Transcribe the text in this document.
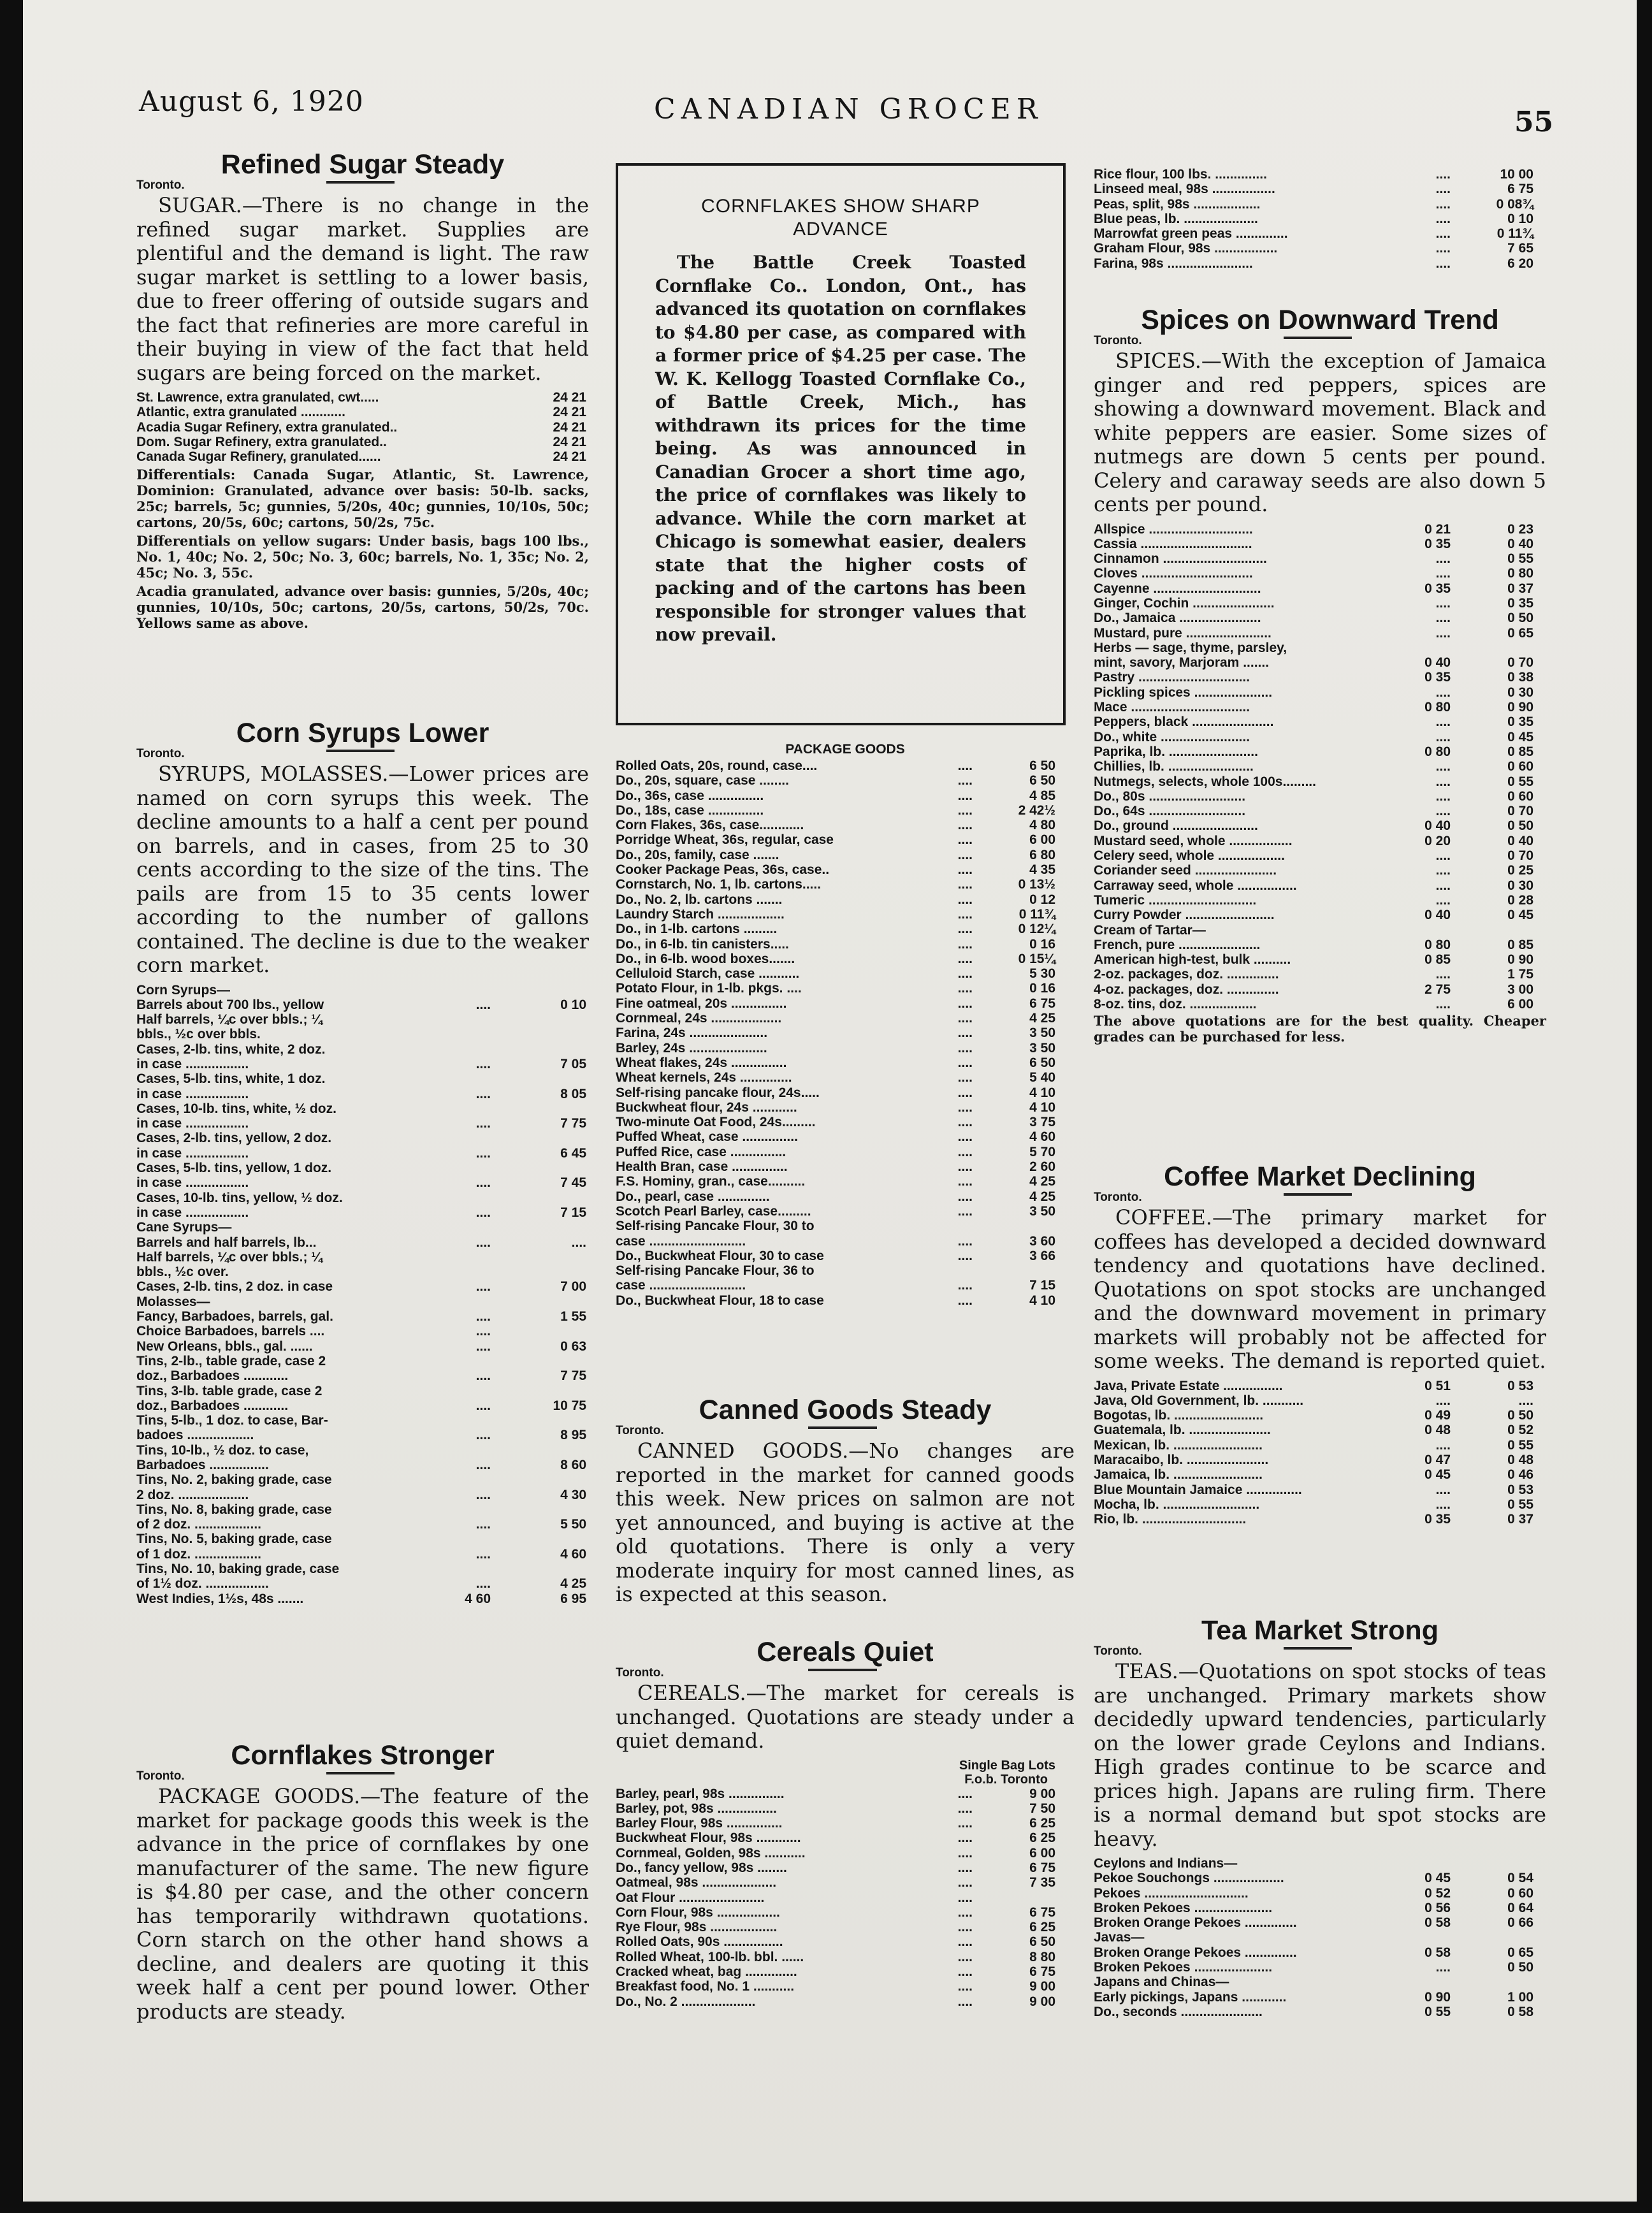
August 6, 1920	CANADIAN GROCER	55
Refined Sugar Steady
Toronto.

SUGAR.—There is no change in the refined sugar market. Supplies are plentiful and the demand is light. The raw sugar market is settling to a lower basis, due to freer offering of outside sugars and the fact that refineries are more careful in their buying in view of the fact that held sugars are being forced on the market.

St. Lawrence, extra granulated, cwt.....	24 21
Atlantic, extra granulated ............	24 21
Acadia Sugar Refinery, extra granulated..	24 21
Dom. Sugar Refinery, extra granulated..	24 21
Canada Sugar Refinery, granulated......	24 21

Differentials: Canada Sugar, Atlantic, St. Lawrence, Dominion: Granulated, advance over basis: 50-lb. sacks, 25c; barrels, 5c; gunnies, 5/20s, 40c; gunnies, 10/10s, 50c; cartons, 20/5s, 60c; cartons, 50/2s, 75c.

Differentials on yellow sugars: Under basis, bags 100 lbs., No. 1, 40c; No. 2, 50c; No. 3, 60c; barrels, No. 1, 35c; No. 2, 45c; No. 3, 55c.

Acadia granulated, advance over basis: gunnies, 5/20s, 40c; gunnies, 10/10s, 50c; cartons, 20/5s, cartons, 50/2s, 70c. Yellows same as above.

Corn Syrups Lower
Toronto.

SYRUPS, MOLASSES.—Lower prices are named on corn syrups this week. The decline amounts to a half a cent per pound on barrels, and in cases, from 25 to 30 cents according to the size of the tins. The pails are from 15 to 35 cents lower according to the number of gallons contained. The decline is due to the weaker corn market.

Corn Syrups—
Barrels about 700 lbs., yellow	....	0 10
Half barrels, ¼c over bbls.; ¼
bbls., ½c over bbls.
Cases, 2-lb. tins, white, 2 doz.
in case .................	....	7 05
Cases, 5-lb. tins, white, 1 doz.
in case .................	....	8 05
Cases, 10-lb. tins, white, ½ doz.
in case .................	....	7 75
Cases, 2-lb. tins, yellow, 2 doz.
in case .................	....	6 45
Cases, 5-lb. tins, yellow, 1 doz.
in case .................	....	7 45
Cases, 10-lb. tins, yellow, ½ doz.
in case .................	....	7 15
Cane Syrups—
Barrels and half barrels, lb...	....	....
Half barrels, ¼c over bbls.; ¼
bbls., ½c over.
Cases, 2-lb. tins, 2 doz. in case	....	7 00
Molasses—
Fancy, Barbadoes, barrels, gal.	....	1 55
Choice Barbadoes, barrels ....	....
New Orleans, bbls., gal. ......	....	0 63
Tins, 2-lb., table grade, case 2
doz., Barbadoes ............	....	7 75
Tins, 3-lb. table grade, case 2
doz., Barbadoes ............	....	10 75
Tins, 5-lb., 1 doz. to case, Bar-
badoes ..................	....	8 95
Tins, 10-lb., ½ doz. to case,
Barbadoes ................	....	8 60
Tins, No. 2, baking grade, case
2 doz. ...................	....	4 30
Tins, No. 8, baking grade, case
of 2 doz. ..................	....	5 50
Tins, No. 5, baking grade, case
of 1 doz. ..................	....	4 60
Tins, No. 10, baking grade, case
of 1½ doz. .................	....	4 25
West Indies, 1½s, 48s .......	4 60	6 95
Cornflakes Stronger
Toronto.

PACKAGE GOODS.—The feature of the market for package goods this week is the advance in the price of cornflakes by one manufacturer of the same. The new figure is $4.80 per case, and the other concern has temporarily withdrawn quotations. Corn starch on the other hand shows a decline, and dealers are quoting it this week half a cent per pound lower. Other products are steady.

CORNFLAKES SHOW SHARP ADVANCE

The Battle Creek Toasted Cornflake Co.. London, Ont., has advanced its quotation on cornflakes to $4.80 per case, as compared with a former price of $4.25 per case. The W. K. Kellogg Toasted Cornflake Co., of Battle Creek, Mich., has withdrawn its prices for the time being. As was announced in Canadian Grocer a short time ago, the price of cornflakes was likely to advance. While the corn market at Chicago is somewhat easier, dealers state that the higher costs of packing and of the cartons has been responsible for stronger values that now prevail.

PACKAGE GOODS
Rolled Oats, 20s, round, case....	....	6 50
Do., 20s, square, case ........	....	6 50
Do., 36s, case ...............	....	4 85
Do., 18s, case ...............	....	2 42½
Corn Flakes, 36s, case............	....	4 80
Porridge Wheat, 36s, regular, case	....	6 00
Do., 20s, family, case .......	....	6 80
Cooker Package Peas, 36s, case..	....	4 35
Cornstarch, No. 1, lb. cartons.....	....	0 13½
Do., No. 2, lb. cartons .......	....	0 12
Laundry Starch ..................	....	0 11¾
Do., in 1-lb. cartons .........	....	0 12¼
Do., in 6-lb. tin canisters.....	....	0 16
Do., in 6-lb. wood boxes.......	....	0 15¼
Celluloid Starch, case ...........	....	5 30
Potato Flour, in 1-lb. pkgs. ....	....	0 16
Fine oatmeal, 20s ...............	....	6 75
Cornmeal, 24s ...................	....	4 25
Farina, 24s .....................	....	3 50
Barley, 24s .....................	....	3 50
Wheat flakes, 24s ...............	....	6 50
Wheat kernels, 24s ..............	....	5 40
Self-rising pancake flour, 24s.....	....	4 10
Buckwheat flour, 24s ............	....	4 10
Two-minute Oat Food, 24s.........	....	3 75
Puffed Wheat, case ...............	....	4 60
Puffed Rice, case ...............	....	5 70
Health Bran, case ...............	....	2 60
F.S. Hominy, gran., case..........	....	4 25
Do., pearl, case ..............	....	4 25
Scotch Pearl Barley, case.........	....	3 50
Self-rising Pancake Flour, 30 to
case ..........................	....	3 60
Do., Buckwheat Flour, 30 to case	....	3 66
Self-rising Pancake Flour, 36 to
case ..........................	....	7 15
Do., Buckwheat Flour, 18 to case	....	4 10
Canned Goods Steady
Toronto.

CANNED GOODS.—No changes are reported in the market for canned goods this week. New prices on salmon are not yet announced, and buying is active at the old quotations. There is only a very moderate inquiry for most canned lines, as is expected at this season.

Cereals Quiet
Toronto.

CEREALS.—The market for cereals is unchanged. Quotations are steady under a quiet demand.

Single Bag Lots
F.o.b. Toronto
Barley, pearl, 98s ...............	....	9 00
Barley, pot, 98s ................	....	7 50
Barley Flour, 98s ...............	....	6 25
Buckwheat Flour, 98s ............	....	6 25
Cornmeal, Golden, 98s ...........	....	6 00
Do., fancy yellow, 98s ........	....	6 75
Oatmeal, 98s ....................	....	7 35
Oat Flour .......................	....
Corn Flour, 98s .................	....	6 75
Rye Flour, 98s ..................	....	6 25
Rolled Oats, 90s ................	....	6 50
Rolled Wheat, 100-lb. bbl. ......	....	8 80
Cracked wheat, bag ..............	....	6 75
Breakfast food, No. 1 ...........	....	9 00
Do., No. 2 ....................	....	9 00
Rice flour, 100 lbs. ..............	....	10 00
Linseed meal, 98s .................	....	6 75
Peas, split, 98s ..................	....	0 08¾
Blue peas, lb. ....................	....	0 10
Marrowfat green peas ..............	....	0 11¾
Graham Flour, 98s .................	....	7 65
Farina, 98s .......................	....	6 20
Spices on Downward Trend
Toronto.

SPICES.—With the exception of Jamaica ginger and red peppers, spices are showing a downward movement. Black and white peppers are easier. Some sizes of nutmegs are down 5 cents per pound. Celery and caraway seeds are also down 5 cents per pound.

Allspice ............................	0 21	0 23
Cassia ..............................	0 35	0 40
Cinnamon ............................	....	0 55
Cloves ..............................	....	0 80
Cayenne .............................	0 35	0 37
Ginger, Cochin ......................	....	0 35
Do., Jamaica ......................	....	0 50
Mustard, pure .......................	....	0 65
Herbs — sage, thyme, parsley,
mint, savory, Marjoram .......	0 40	0 70
Pastry ..............................	0 35	0 38
Pickling spices .....................	....	0 30
Mace ................................	0 80	0 90
Peppers, black ......................	....	0 35
Do., white ........................	....	0 45
Paprika, lb. ........................	0 80	0 85
Chillies, lb. .......................	....	0 60
Nutmegs, selects, whole 100s.........	....	0 55
Do., 80s ..........................	....	0 60
Do., 64s ..........................	....	0 70
Do., ground .......................	0 40	0 50
Mustard seed, whole .................	0 20	0 40
Celery seed, whole ..................	....	0 70
Coriander seed ......................	....	0 25
Carraway seed, whole ................	....	0 30
Tumeric .............................	....	0 28
Curry Powder ........................	0 40	0 45
Cream of Tartar—
French, pure ......................	0 80	0 85
American high-test, bulk ..........	0 85	0 90
2-oz. packages, doz. ..............	....	1 75
4-oz. packages, doz. ..............	2 75	3 00
8-oz. tins, doz. ..................	....	6 00

The above quotations are for the best quality. Cheaper grades can be purchased for less.

Coffee Market Declining
Toronto.

COFFEE.—The primary market for coffees has developed a decided downward tendency and quotations have declined. Quotations on spot stocks are unchanged and the downward movement in primary markets will probably not be affected for some weeks. The demand is reported quiet.

Java, Private Estate ................	0 51	0 53
Java, Old Government, lb. ...........	....	....
Bogotas, lb. ........................	0 49	0 50
Guatemala, lb. ......................	0 48	0 52
Mexican, lb. ........................	....	0 55
Maracaibo, lb. ......................	0 47	0 48
Jamaica, lb. ........................	0 45	0 46
Blue Mountain Jamaice ...............	....	0 53
Mocha, lb. ..........................	....	0 55
Rio, lb. ............................	0 35	0 37
Tea Market Strong
Toronto.

TEAS.—Quotations on spot stocks of teas are unchanged. Primary markets show decidedly upward tendencies, particularly on the lower grade Ceylons and Indians. High grades continue to be scarce and prices high. Japans are ruling firm. There is a normal demand but spot stocks are heavy.

Ceylons and Indians—
Pekoe Souchongs ...................	0 45	0 54
Pekoes ............................	0 52	0 60
Broken Pekoes .....................	0 56	0 64
Broken Orange Pekoes ..............	0 58	0 66
Javas—
Broken Orange Pekoes ..............	0 58	0 65
Broken Pekoes .....................	....	0 50
Japans and Chinas—
Early pickings, Japans ............	0 90	1 00
Do., seconds ......................	0 55	0 58
